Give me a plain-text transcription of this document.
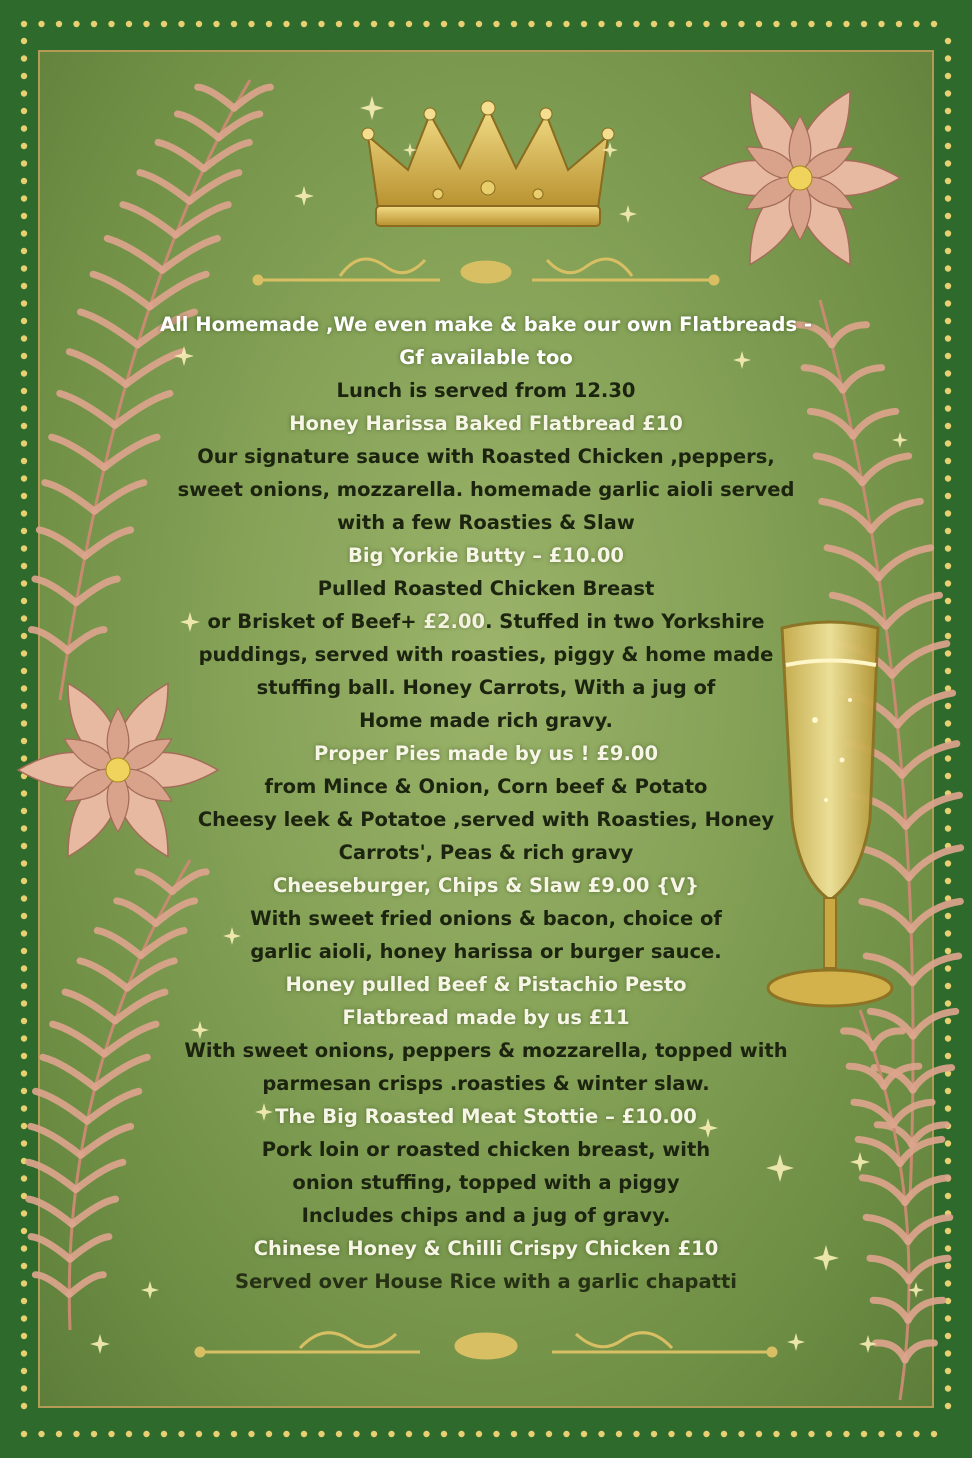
All Homemade ,We even make & bake our own Flatbreads -
Gf available too
Lunch is served from 12.30
Honey Harissa Baked Flatbread £10
Our signature sauce with Roasted Chicken ,peppers,
sweet onions, mozzarella. homemade garlic aioli served
with a few Roasties & Slaw
Big Yorkie Butty – £10.00
Pulled Roasted Chicken Breast
or Brisket of Beef+ £2.00. Stuffed in two Yorkshire
puddings, served with roasties, piggy & home made
stuffing ball. Honey Carrots, With a jug of
Home made rich gravy.
Proper Pies made by us ! £9.00
from Mince & Onion, Corn beef & Potato
Cheesy leek & Potatoe ,served with Roasties, Honey
Carrots', Peas & rich gravy
Cheeseburger, Chips & Slaw £9.00 {V}
With sweet fried onions & bacon, choice of
garlic aioli, honey harissa or burger sauce.
Honey pulled Beef & Pistachio Pesto
Flatbread made by us £11
With sweet onions, peppers & mozzarella, topped with
parmesan crisps .roasties & winter slaw.
The Big Roasted Meat Stottie – £10.00
Pork loin or roasted chicken breast, with
onion stuffing, topped with a piggy
Includes chips and a jug of gravy.
Chinese Honey & Chilli Crispy Chicken £10
Served over House Rice with a garlic chapatti
